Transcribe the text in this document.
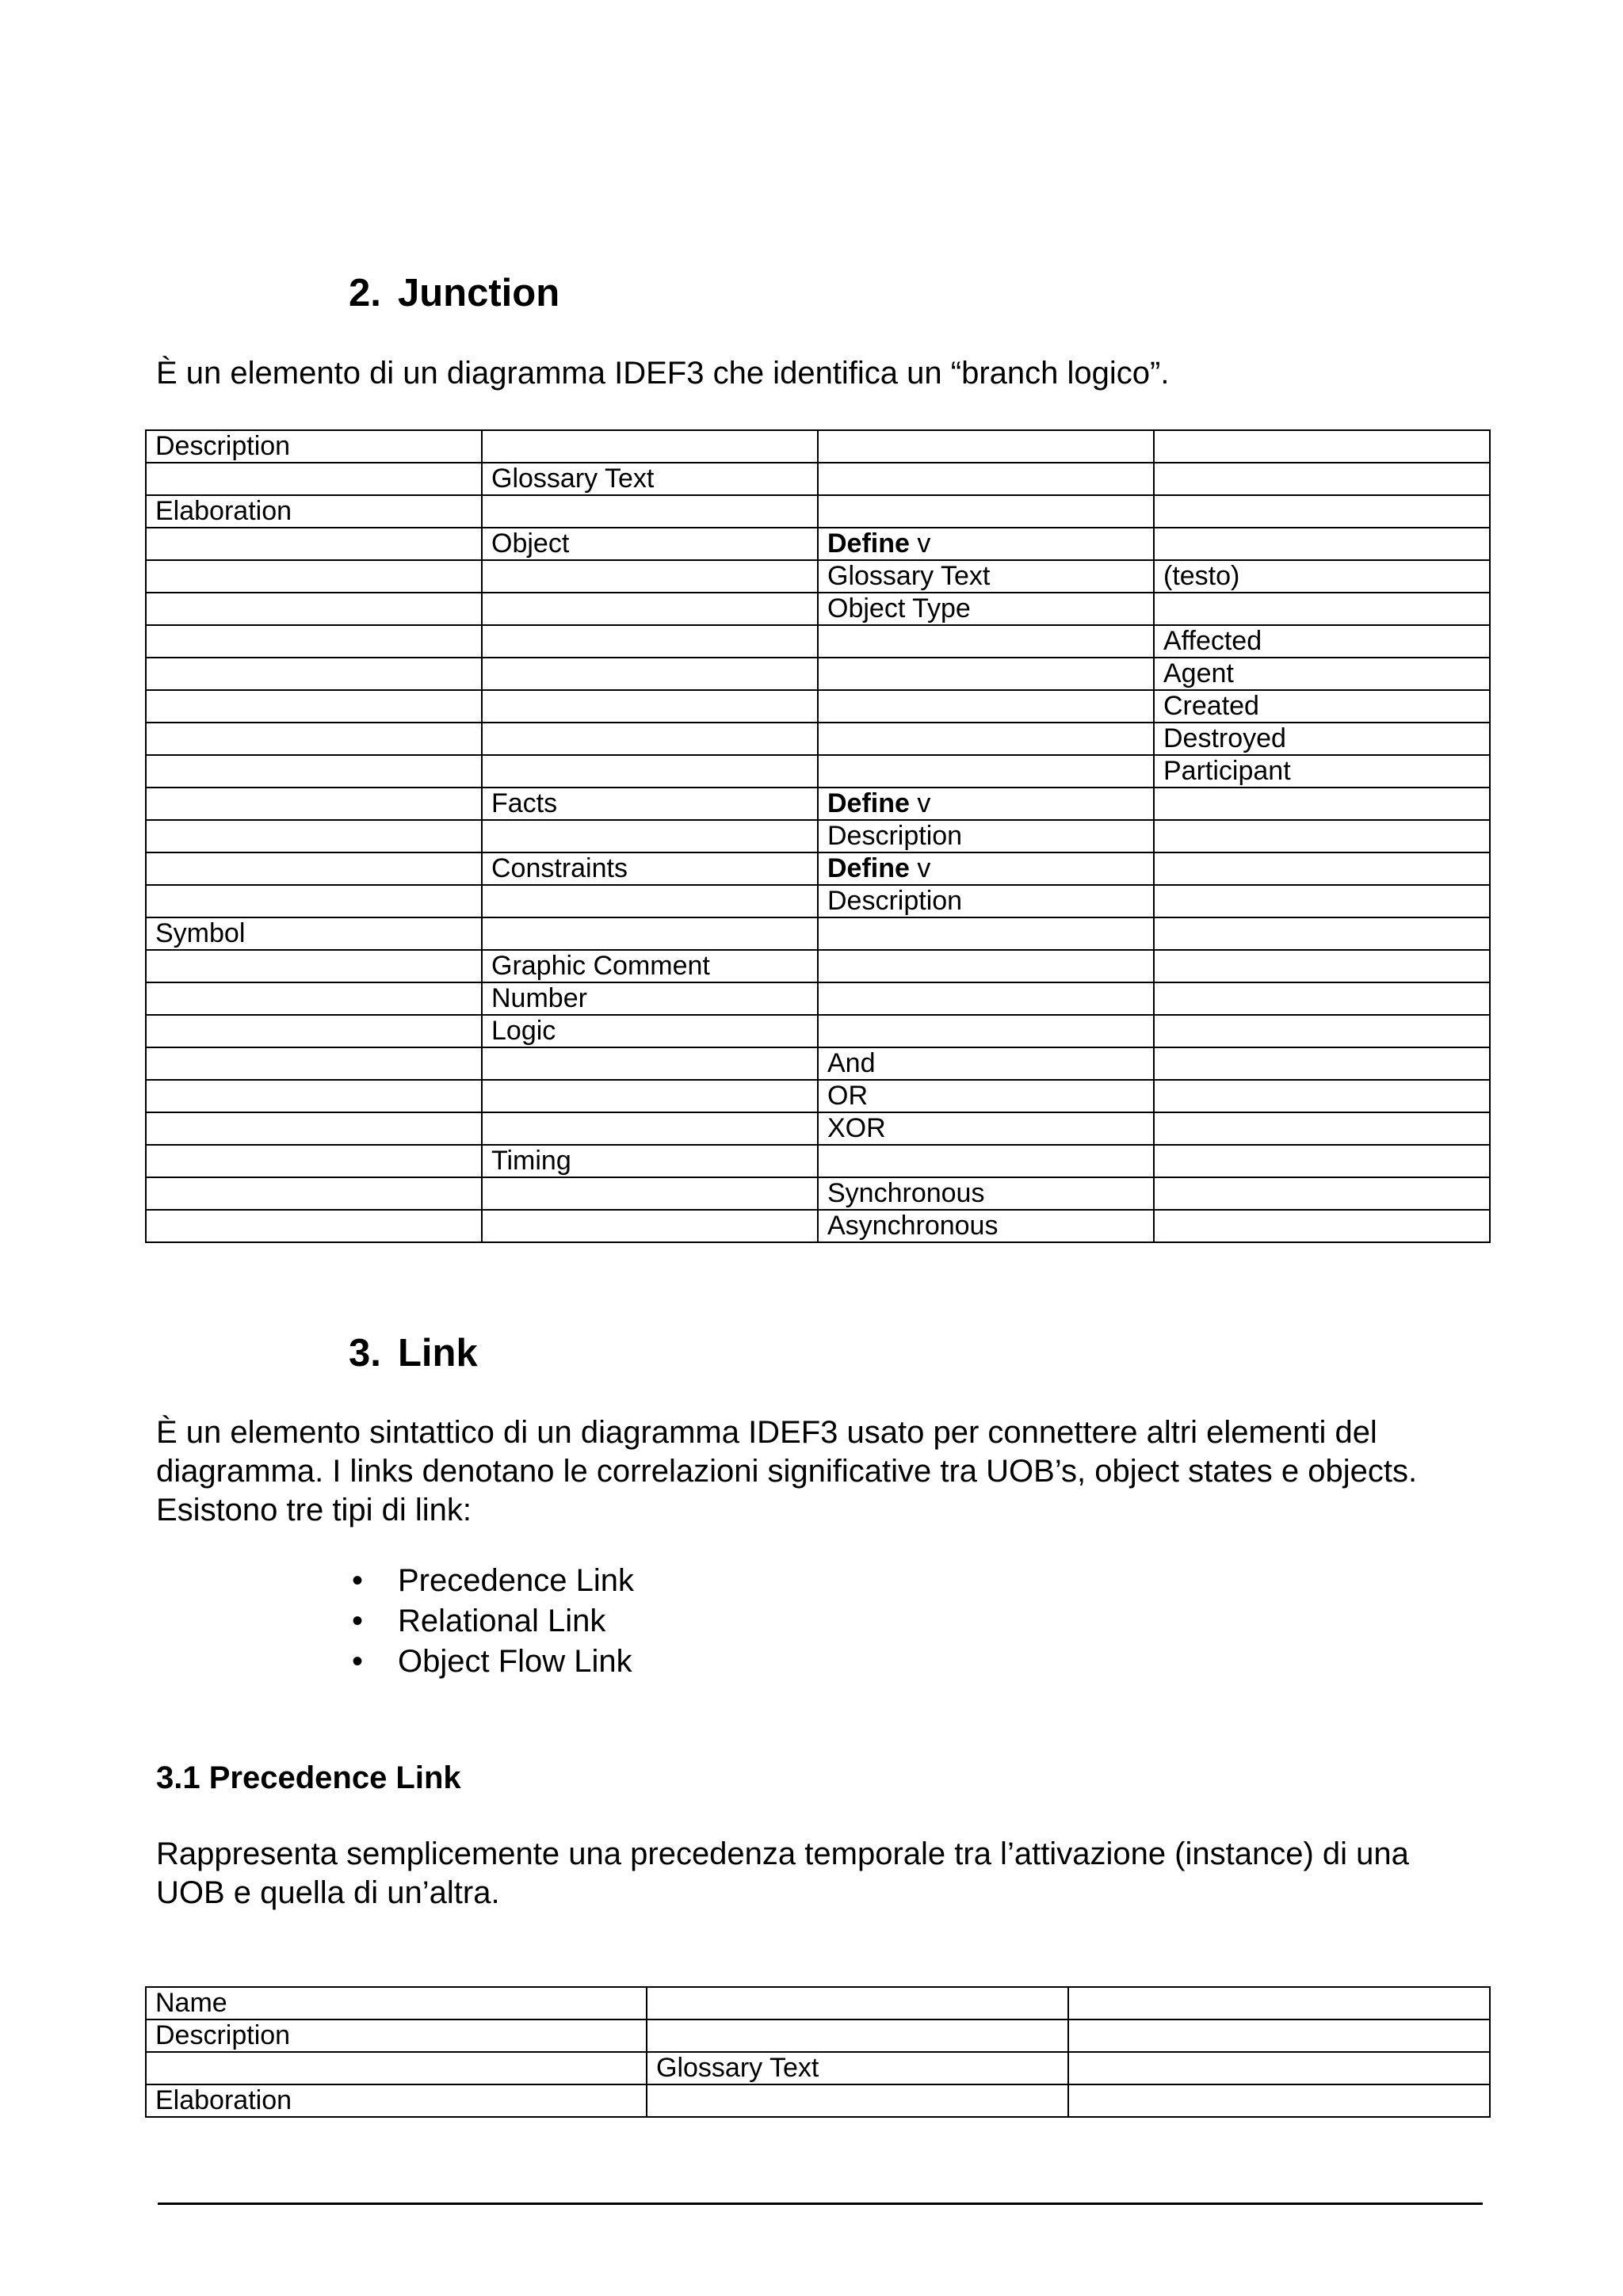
2. Junction

È un elemento di un diagramma IDEF3 che identifica un “branch logico”.

Description			
	Glossary Text		
Elaboration			
	Object	Define v	
		Glossary Text	(testo)
		Object Type	
			Affected
			Agent
			Created
			Destroyed
			Participant
	Facts	Define v	
		Description	
	Constraints	Define v	
		Description	
Symbol			
	Graphic Comment		
	Number		
	Logic		
		And	
		OR	
		XOR	
	Timing		
		Synchronous	
		Asynchronous	
3. Link
È un elemento sintattico di un diagramma IDEF3 usato per connettere altri elementi del
diagramma. I links denotano le correlazioni significative tra UOB’s, object states e objects.
Esistono tre tipi di link:
• Precedence Link
• Relational Link
• Object Flow Link
3.1 Precedence Link
Rappresenta semplicemente una precedenza temporale tra l’attivazione (instance) di una
UOB e quella di un’altra.
Name		
Description		
	Glossary Text	
Elaboration		
